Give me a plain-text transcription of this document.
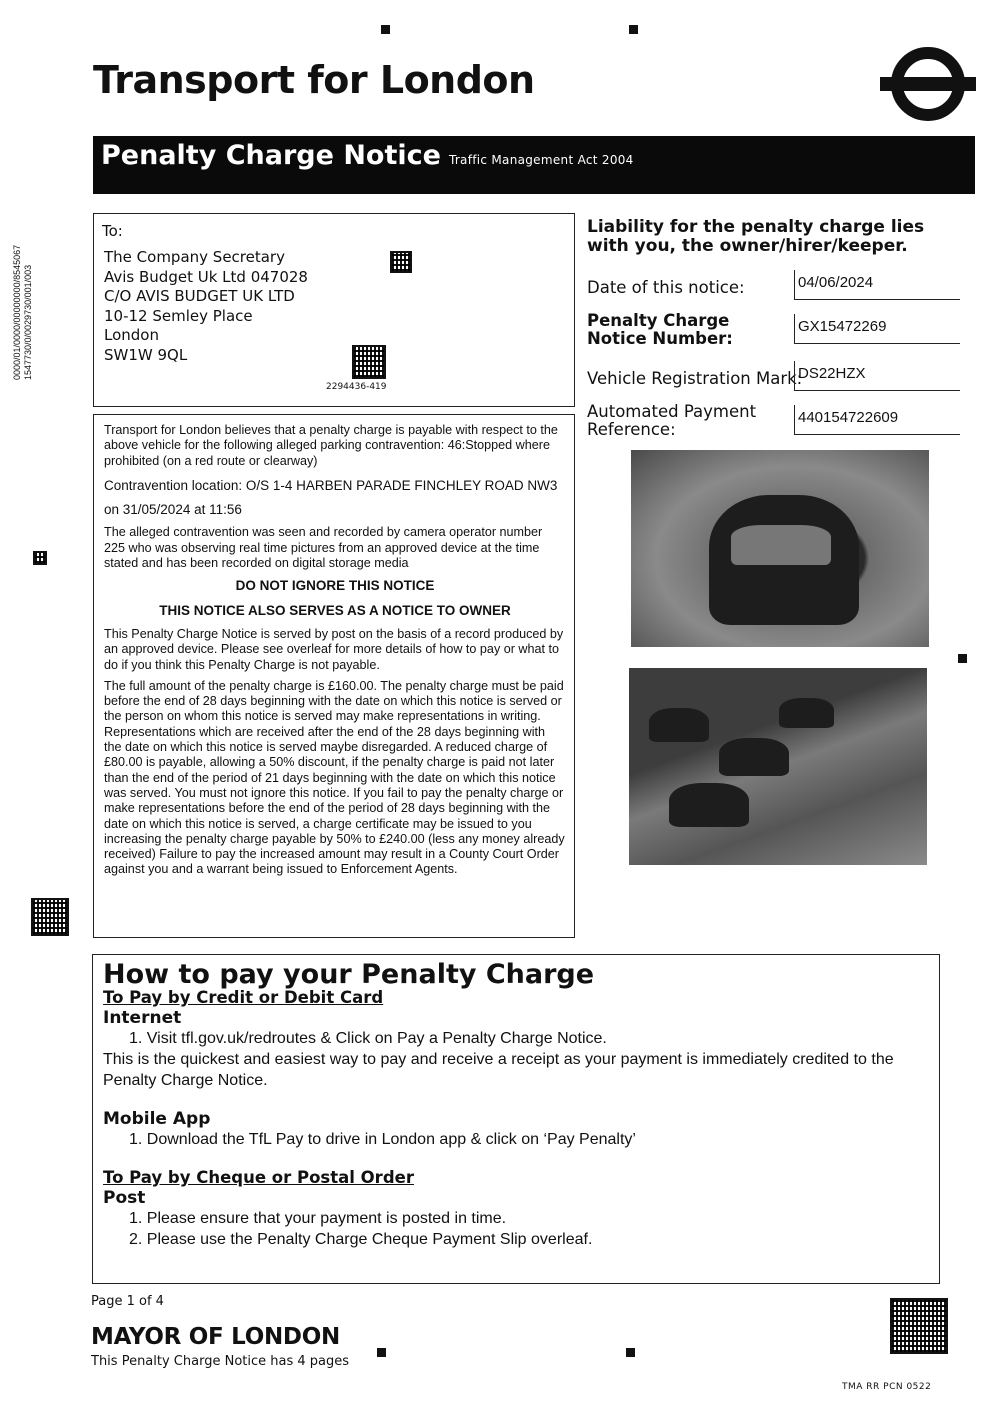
Transport for London
Penalty Charge Notice Traffic Management Act 2004
0000/01/0000/00000000/8545067 1547730/0/0029730/001/003
To:
The Company Secretary
Avis Budget Uk Ltd 047028
C/O AVIS BUDGET UK LTD
10-12 Semley Place
London
SW1W 9QL
2294436-419

Transport for London believes that a penalty charge is payable with respect to the above vehicle for the following alleged parking contravention: 46:Stopped where prohibited (on a red route or clearway)

Contravention location: O/S 1-4 HARBEN PARADE FINCHLEY ROAD NW3

on 31/05/2024 at 11:56

The alleged contravention was seen and recorded by camera operator number 225 who was observing real time pictures from an approved device at the time stated and has been recorded on digital storage media

DO NOT IGNORE THIS NOTICE

THIS NOTICE ALSO SERVES AS A NOTICE TO OWNER

This Penalty Charge Notice is served by post on the basis of a record produced by an approved device. Please see overleaf for more details of how to pay or what to do if you think this Penalty Charge is not payable.

The full amount of the penalty charge is £160.00. The penalty charge must be paid before the end of 28 days beginning with the date on which this notice is served or the person on whom this notice is served may make representations in writing. Representations which are received after the end of the 28 days beginning with the date on which this notice is served maybe disregarded. A reduced charge of £80.00 is payable, allowing a 50% discount, if the penalty charge is paid not later than the end of the period of 21 days beginning with the date on which this notice was served. You must not ignore this notice. If you fail to pay the penalty charge or make representations before the end of the period of 28 days beginning with the date on which this notice is served, a charge certificate may be issued to you increasing the penalty charge payable by 50% to £240.00 (less any money already received) Failure to pay the increased amount may result in a County Court Order against you and a warrant being issued to Enforcement Agents.

Liability for the penalty charge lies with you, the owner/hirer/keeper.
Date of this notice:	04/06/2024
Penalty Charge Notice Number:
GX15472269
Vehicle Registration Mark:
DS22HZX
Automated Payment Reference:
440154722609
How to pay your Penalty Charge
To Pay by Credit or Debit Card
Internet
1. Visit tfl.gov.uk/redroutes & Click on Pay a Penalty Charge Notice.
This is the quickest and easiest way to pay and receive a receipt as your payment is immediately credited to the Penalty Charge Notice.
Mobile App
1. Download the TfL Pay to drive in London app & click on ‘Pay Penalty’
To Pay by Cheque or Postal Order
Post
1. Please ensure that your payment is posted in time.
2. Please use the Penalty Charge Cheque Payment Slip overleaf.
Page 1 of 4
MAYOR OF LONDON
This Penalty Charge Notice has 4 pages
TMA RR PCN 0522
